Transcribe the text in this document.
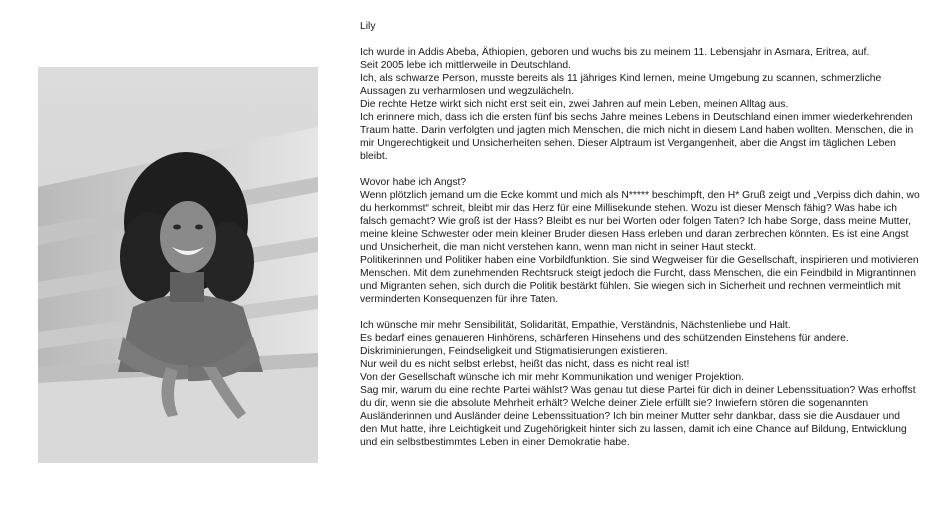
Lily

Ich wurde in Addis Abeba, Äthiopien, geboren und wuchs bis zu meinem 11. Lebensjahr in Asmara, Eritrea, auf.

Seit 2005 lebe ich mittlerweile in Deutschland.

Ich, als schwarze Person, musste bereits als 11 jähriges Kind lernen, meine Umgebung zu scannen, schmerzliche Aussagen zu verharmlosen und wegzulächeln.

Die rechte Hetze wirkt sich nicht erst seit ein, zwei Jahren auf mein Leben, meinen Alltag aus.

Ich erinnere mich, dass ich die ersten fünf bis sechs Jahre meines Lebens in Deutschland einen immer wiederkehrenden Traum hatte. Darin verfolgten und jagten mich Menschen, die mich nicht in diesem Land haben wollten. Menschen, die in mir Ungerechtigkeit und Unsicherheiten sehen. Dieser Alptraum ist Vergangenheit, aber die Angst im täglichen Leben bleibt.

Wovor habe ich Angst?

Wenn plötzlich jemand um die Ecke kommt und mich als N***** beschimpft, den H* Gruß zeigt und „Verpiss dich dahin, wo du herkommst“ schreit, bleibt mir das Herz für eine Millisekunde stehen. Wozu ist dieser Mensch fähig? Was habe ich falsch gemacht? Wie groß ist der Hass? Bleibt es nur bei Worten oder folgen Taten? Ich habe Sorge, dass meine Mutter, meine kleine Schwester oder mein kleiner Bruder diesen Hass erleben und daran zerbrechen könnten. Es ist eine Angst und Unsicherheit, die man nicht verstehen kann, wenn man nicht in seiner Haut steckt.

Politikerinnen und Politiker haben eine Vorbildfunktion. Sie sind Wegweiser für die Gesellschaft, inspirieren und motivieren Menschen. Mit dem zunehmenden Rechtsruck steigt jedoch die Furcht, dass Menschen, die ein Feindbild in Migrantinnen und Migranten sehen, sich durch die Politik bestärkt fühlen. Sie wiegen sich in Sicherheit und rechnen vermeintlich mit verminderten Konsequenzen für ihre Taten.

Ich wünsche mir mehr Sensibilität, Solidarität, Empathie, Verständnis, Nächstenliebe und Halt.

Es bedarf eines genaueren Hinhörens, schärferen Hinsehens und des schützenden Einstehens für andere.

Diskriminierungen, Feindseligkeit und Stigmatisierungen existieren.

Nur weil du es nicht selbst erlebst, heißt das nicht, dass es nicht real ist!

Von der Gesellschaft wünsche ich mir mehr Kommunikation und weniger Projektion.

Sag mir, warum du eine rechte Partei wählst? Was genau tut diese Partei für dich in deiner Lebenssituation? Was erhoffst du dir, wenn sie die absolute Mehrheit erhält? Welche deiner Ziele erfüllt sie? Inwiefern stören die sogenannten Ausländerinnen und Ausländer deine Lebenssituation? Ich bin meiner Mutter sehr dankbar, dass sie die Ausdauer und den Mut hatte, ihre Leichtigkeit und Zugehörigkeit hinter sich zu lassen, damit ich eine Chance auf Bildung, Entwicklung und ein selbstbestimmtes Leben in einer Demokratie habe.
